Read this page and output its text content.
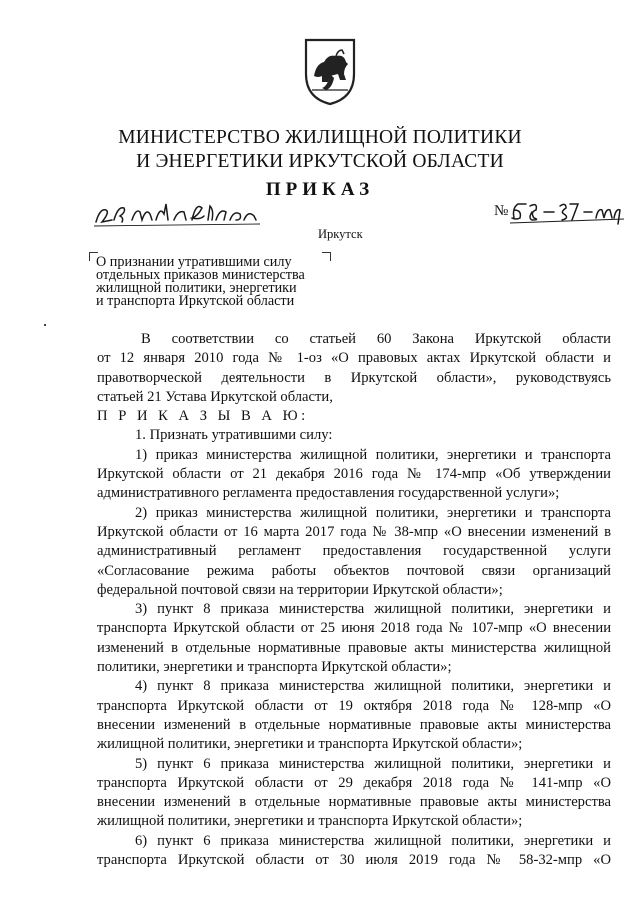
МИНИСТЕРСТВО ЖИЛИЩНОЙ ПОЛИТИКИ
И ЭНЕРГЕТИКИ ИРКУТСКОЙ ОБЛАСТИ
ПРИКАЗ
№
Иркутск
О признании утратившими силу
отдельных приказов министерства
жилищной политики, энергетики
и транспорта Иркутской области

В соответствии со статьей 60 Закона Иркутской области

от 12 января 2010 года № 1-оз «О правовых актах Иркутской области и

правотворческой деятельности в Иркутской области», руководствуясь

статьей 21 Устава Иркутской области,

П Р И К А З Ы В А Ю:

1. Признать утратившими силу:

1) приказ министерства жилищной политики, энергетики и транспорта

Иркутской области от 21 декабря 2016 года № 174-мпр «Об утверждении

административного регламента предоставления государственной услуги»;

2) приказ министерства жилищной политики, энергетики и транспорта

Иркутской области от 16 марта 2017 года № 38-мпр «О внесении изменений в

административный регламент предоставления государственной услуги

«Согласование режима работы объектов почтовой связи организаций

федеральной почтовой связи на территории Иркутской области»;

3) пункт 8 приказа министерства жилищной политики, энергетики и

транспорта Иркутской области от 25 июня 2018 года № 107-мпр «О внесении

изменений в отдельные нормативные правовые акты министерства жилищной

политики, энергетики и транспорта Иркутской области»;

4) пункт 8 приказа министерства жилищной политики, энергетики и

транспорта Иркутской области от 19 октября 2018 года № 128-мпр «О

внесении изменений в отдельные нормативные правовые акты министерства

жилищной политики, энергетики и транспорта Иркутской области»;

5) пункт 6 приказа министерства жилищной политики, энергетики и

транспорта Иркутской области от 29 декабря 2018 года № 141-мпр «О

внесении изменений в отдельные нормативные правовые акты министерства

жилищной политики, энергетики и транспорта Иркутской области»;

6) пункт 6 приказа министерства жилищной политики, энергетики и

транспорта Иркутской области от 30 июля 2019 года № 58-32-мпр «О
